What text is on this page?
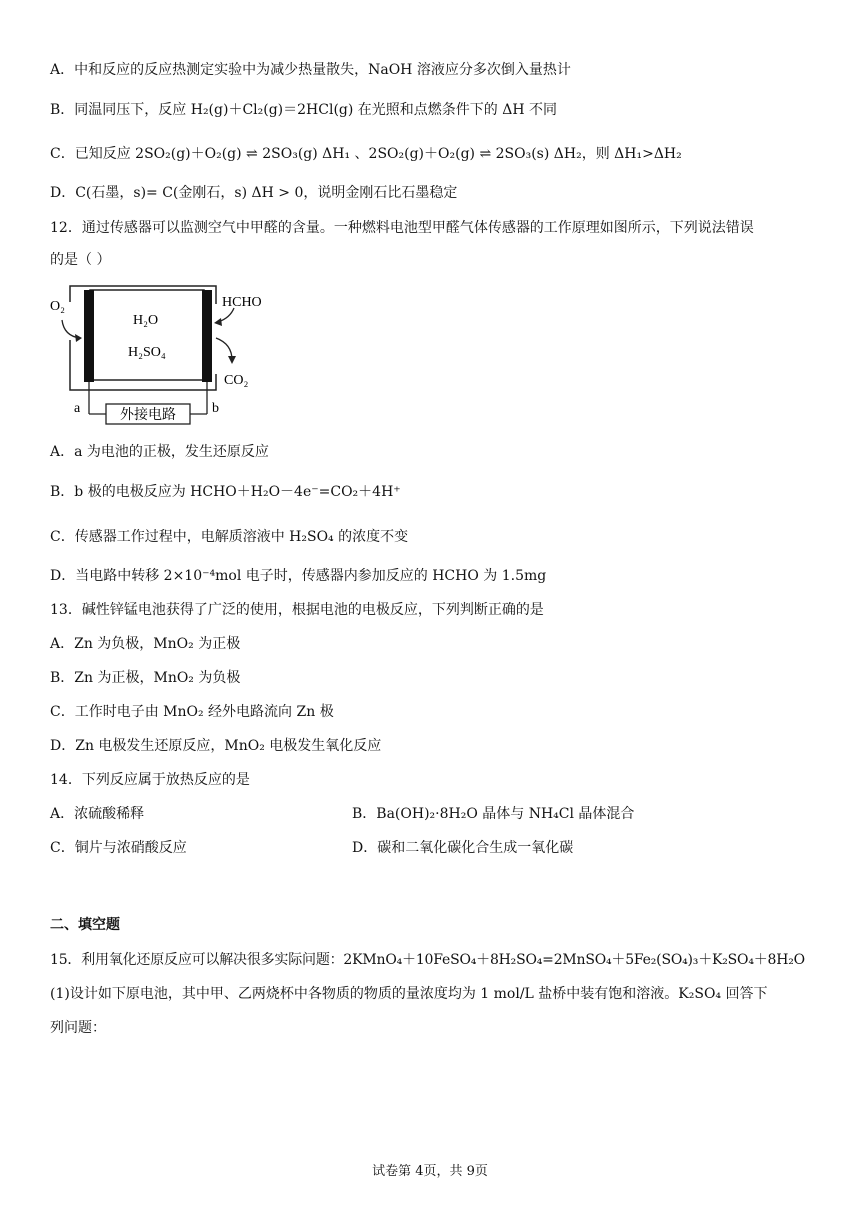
A．中和反应的反应热测定实验中为减少热量散失，NaOH 溶液应分多次倒入量热计
B．同温同压下，反应 H₂(g)＋Cl₂(g)＝2HCl(g) 在光照和点燃条件下的 ΔH 不同
C．已知反应 2SO₂(g)＋O₂(g) ⇌ 2SO₃(g) ΔH₁ 、2SO₂(g)＋O₂(g) ⇌ 2SO₃(s) ΔH₂，则 ΔH₁>ΔH₂
D．C(石墨，s)= C(金刚石，s) ΔH > 0，说明金刚石比石墨稳定
12．通过传感器可以监测空气中甲醛的含量。一种燃料电池型甲醛气体传感器的工作原理如图所示，下列说法错误
的是（ ）
O₂	HCHO
H₂O
H₂SO₄
CO₂
a	b
外接电路
A．a 为电池的正极，发生还原反应
B．b 极的电极反应为 HCHO＋H₂O－4e⁻=CO₂＋4H⁺
C．传感器工作过程中，电解质溶液中 H₂SO₄ 的浓度不变
D．当电路中转移 2×10⁻⁴mol 电子时，传感器内参加反应的 HCHO 为 1.5mg
13．碱性锌锰电池获得了广泛的使用，根据电池的电极反应，下列判断正确的是
A．Zn 为负极，MnO₂ 为正极
B．Zn 为正极，MnO₂ 为负极
C．工作时电子由 MnO₂ 经外电路流向 Zn 极
D．Zn 电极发生还原反应，MnO₂ 电极发生氧化反应
14．下列反应属于放热反应的是
A．浓硫酸稀释	B．Ba(OH)₂·8H₂O 晶体与 NH₄Cl 晶体混合
C．铜片与浓硝酸反应	D．碳和二氧化碳化合生成一氧化碳
二、填空题
15．利用氧化还原反应可以解决很多实际问题：2KMnO₄＋10FeSO₄＋8H₂SO₄=2MnSO₄＋5Fe₂(SO₄)₃＋K₂SO₄＋8H₂O
(1)设计如下原电池，其中甲、乙两烧杯中各物质的物质的量浓度均为 1 mol/L 盐桥中装有饱和溶液。K₂SO₄ 回答下
列问题：
试卷第 4页，共 9页
